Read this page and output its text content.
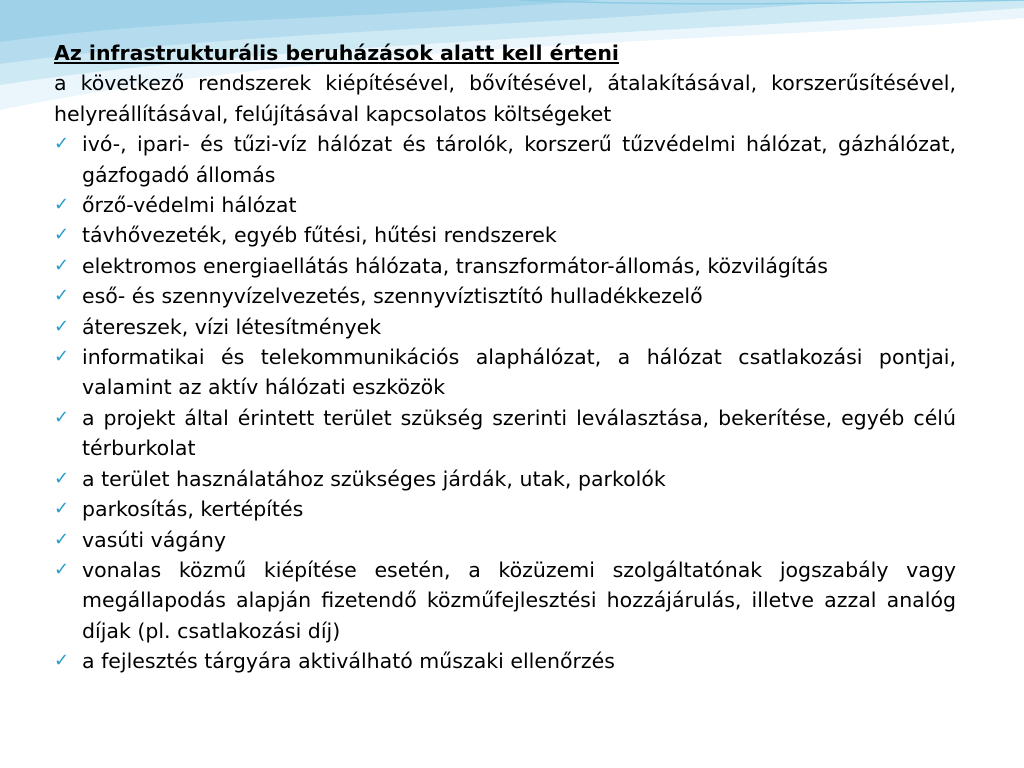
Az infrastrukturális beruházások alatt kell érteni

a következő rendszerek kiépítésével, bővítésével, átalakításával, korszerűsítésével, helyreállításával, felújításával kapcsolatos költségeket

✓ ivó-, ipari- és tűzi-víz hálózat és tárolók, korszerű tűzvédelmi hálózat, gázhálózat, gázfogadó állomás
✓ őrző-védelmi hálózat
✓ távhővezeték, egyéb fűtési, hűtési rendszerek
✓ elektromos energiaellátás hálózata, transzformátor-állomás, közvilágítás
✓ eső- és szennyvízelvezetés, szennyvíztisztító hulladékkezelő
✓ átereszek, vízi létesítmények
✓ informatikai és telekommunikációs alaphálózat, a hálózat csatlakozási pontjai, valamint az aktív hálózati eszközök
✓ a projekt által érintett terület szükség szerinti leválasztása, bekerítése, egyéb célú térburkolat
✓ a terület használatához szükséges járdák, utak, parkolók
✓ parkosítás, kertépítés
✓ vasúti vágány
✓ vonalas közmű kiépítése esetén, a közüzemi szolgáltatónak jogszabály vagy megállapodás alapján fizetendő közműfejlesztési hozzájárulás, illetve azzal analóg díjak (pl. csatlakozási díj)
✓ a fejlesztés tárgyára aktiválható műszaki ellenőrzés
